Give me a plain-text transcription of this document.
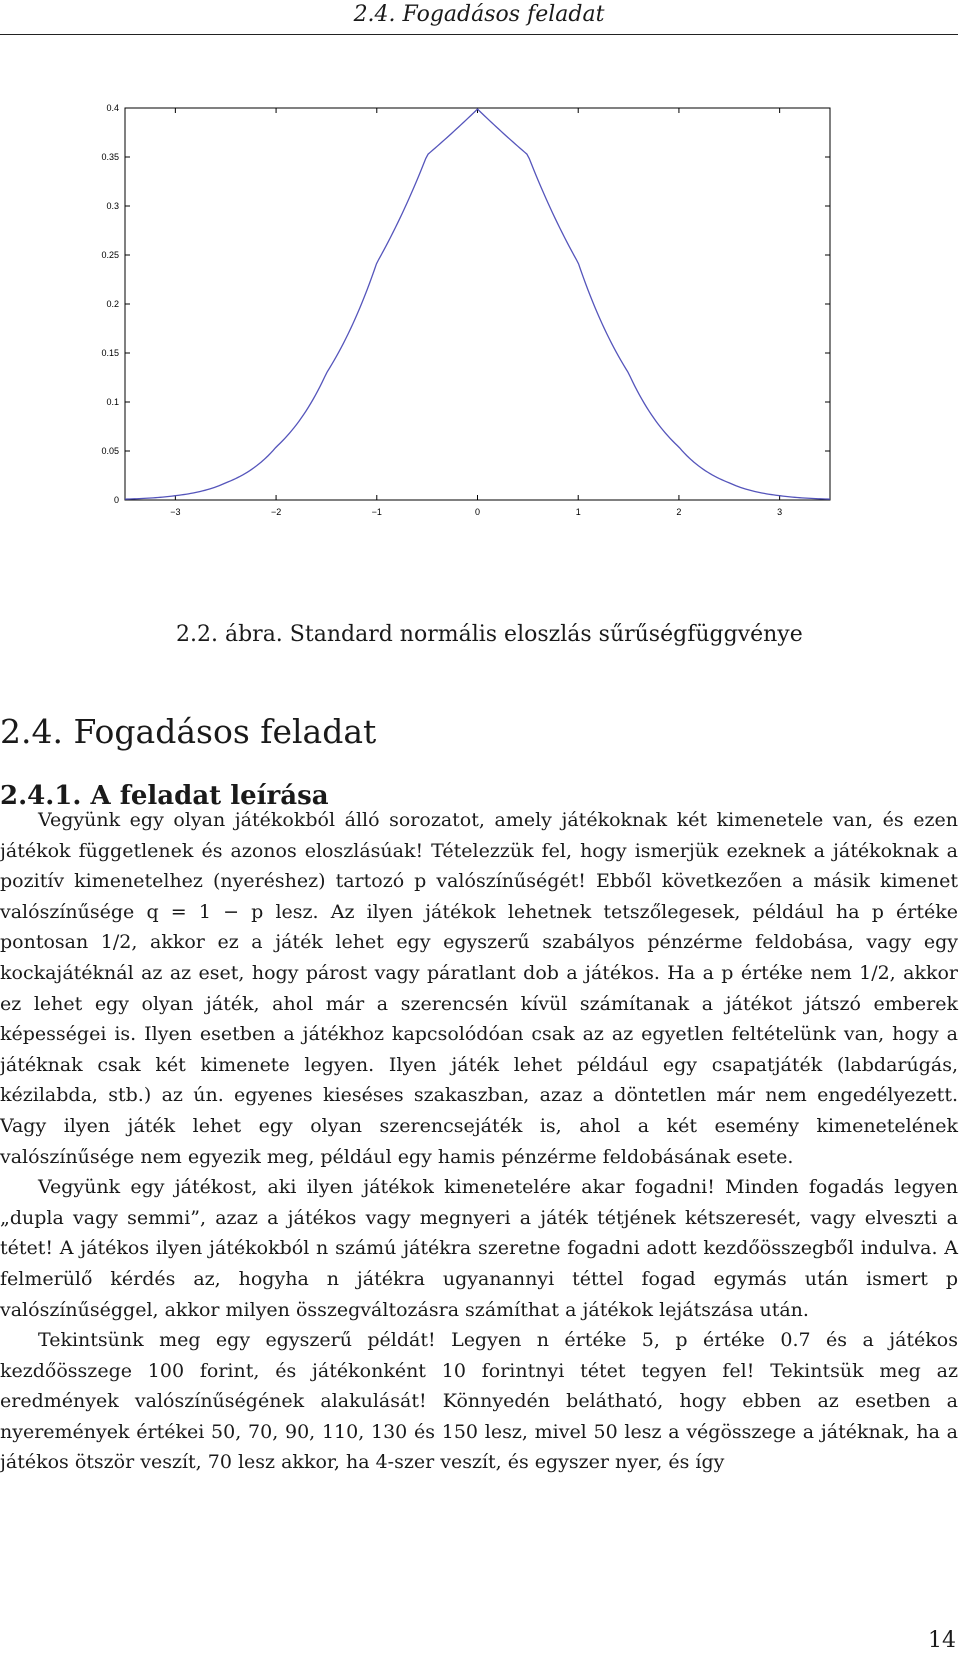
2.4. Fogadásos feladat
−3	−2	−1	0	1	2	3
0
0.05
0.1
0.15
0.2
0.25
0.3
0.35
0.4
2.2. ábra. Standard normális eloszlás sűrűségfüggvénye
2.4. Fogadásos feladat
2.4.1. A feladat leírása

Vegyünk egy olyan játékokból álló sorozatot, amely játékoknak két kimenetele van, és ezen játékok függetlenek és azonos eloszlásúak! Tételezzük fel, hogy ismerjük ezeknek a játékoknak a pozitív kimenetelhez (nyeréshez) tartozó p valószínűségét! Ebből következően a másik kimenet valószínűsége q = 1 − p lesz. Az ilyen játékok lehetnek tetszőlegesek, például ha p értéke pontosan 1/2, akkor ez a játék lehet egy egyszerű szabályos pénzérme feldobása, vagy egy kockajátéknál az az eset, hogy párost vagy páratlant dob a játékos. Ha a p értéke nem 1/2, akkor ez lehet egy olyan játék, ahol már a szerencsén kívül számítanak a játékot játszó emberek képességei is. Ilyen esetben a játékhoz kapcsolódóan csak az az egyetlen feltételünk van, hogy a játéknak csak két kimenete legyen. Ilyen játék lehet például egy csapatjáték (labdarúgás, kézilabda, stb.) az ún. egyenes kieséses szakaszban, azaz a döntetlen már nem engedélyezett. Vagy ilyen játék lehet egy olyan szerencsejáték is, ahol a két esemény kimenetelének valószínűsége nem egyezik meg, például egy hamis pénzérme feldobásának esete.

Vegyünk egy játékost, aki ilyen játékok kimenetelére akar fogadni! Minden fogadás legyen „dupla vagy semmi”, azaz a játékos vagy megnyeri a játék tétjének kétszeresét, vagy elveszti a tétet! A játékos ilyen játékokból n számú játékra szeretne fogadni adott kezdőösszegből indulva. A felmerülő kérdés az, hogyha n játékra ugyanannyi téttel fogad egymás után ismert p valószínűséggel, akkor milyen összegváltozásra számíthat a játékok lejátszása után.

Tekintsünk meg egy egyszerű példát! Legyen n értéke 5, p értéke 0.7 és a játékos kezdőösszege 100 forint, és játékonként 10 forintnyi tétet tegyen fel! Tekintsük meg az eredmények valószínűségének alakulását! Könnyedén belátható, hogy ebben az esetben a nyeremények értékei 50, 70, 90, 110, 130 és 150 lesz, mivel 50 lesz a végösszege a játéknak, ha a játékos ötször veszít, 70 lesz akkor, ha 4-szer veszít, és egyszer nyer, és így

14
